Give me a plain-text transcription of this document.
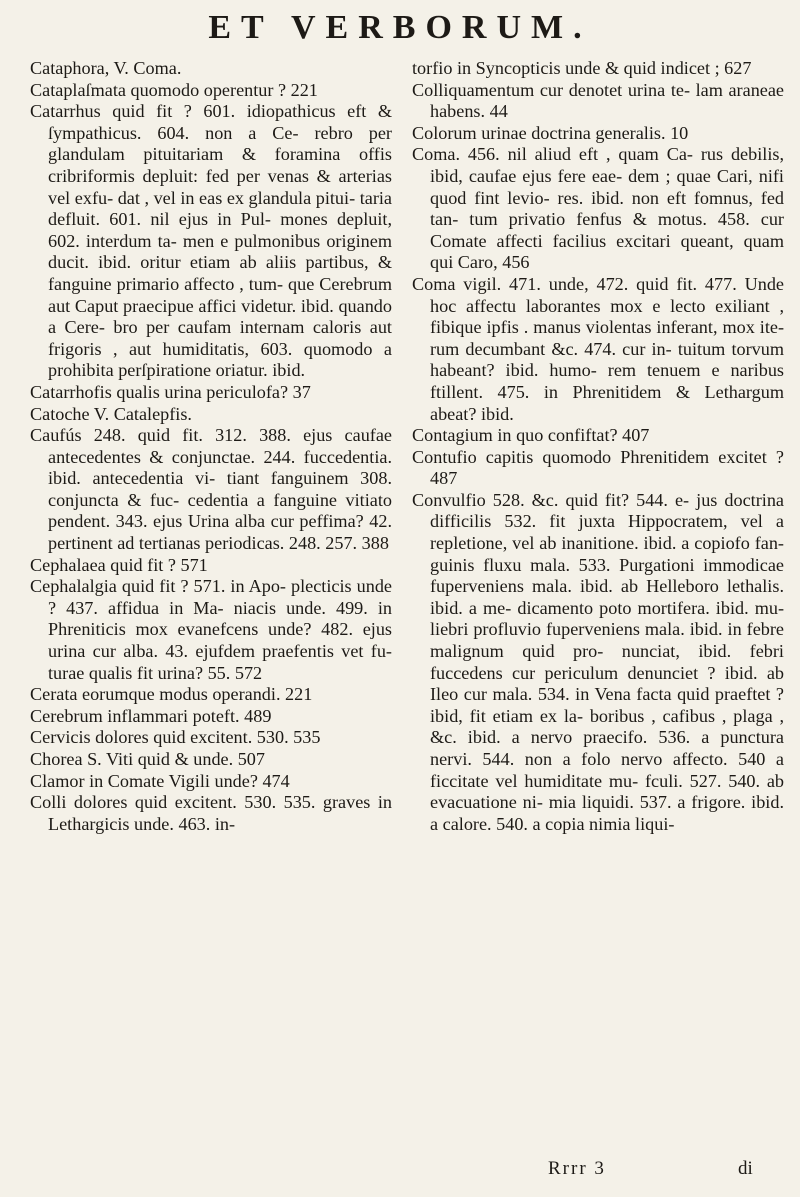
ET VERBORUM.

Cataphora, V. Coma.

Cataplaſmata quomodo operentur ? 221

Catarrhus quid fit ? 601. idiopathicus eft & ſympathicus. 604. non a Ce- rebro per glandulam pituitariam & foramina offis cribriformis depluit: fed per venas & arterias vel exfu- dat , vel in eas ex glandula pitui- taria defluit. 601. nil ejus in Pul- mones depluit, 602. interdum ta- men e pulmonibus originem ducit. ibid. oritur etiam ab aliis partibus, & fanguine primario affecto , tum- que Cerebrum aut Caput praecipue affici videtur. ibid. quando a Cere- bro per caufam internam caloris aut frigoris , aut humiditatis, 603. quomodo a prohibita perſpiratione oriatur. ibid.

Catarrhofis qualis urina periculofa? 37

Catoche V. Catalepfis.

Caufús 248. quid fit. 312. 388. ejus caufae antecedentes & conjunctae. 244. fuccedentia. ibid. antecedentia vi- tiant fanguinem 308. conjuncta & fuc- cedentia a fanguine vitiato pendent. 343. ejus Urina alba cur peffima? 42. pertinent ad tertianas periodicas. 248. 257. 388

Cephalaea quid fit ? 571

Cephalalgia quid fit ? 571. in Apo- plecticis unde ? 437. affidua in Ma- niacis unde. 499. in Phreniticis mox evanefcens unde? 482. ejus urina cur alba. 43. ejufdem praefentis vet fu- turae qualis fit urina? 55. 572

Cerata eorumque modus operandi. 221

Cerebrum inflammari poteft. 489

Cervicis dolores quid excitent. 530. 535

Chorea S. Viti quid & unde. 507

Clamor in Comate Vigili unde? 474

Colli dolores quid excitent. 530. 535. graves in Lethargicis unde. 463. in-

torfio in Syncopticis unde & quid indicet ; 627

Colliquamentum cur denotet urina te- lam araneae habens. 44

Colorum urinae doctrina generalis. 10

Coma. 456. nil aliud eft , quam Ca- rus debilis, ibid, caufae ejus fere eae- dem ; quae Cari, nifi quod fint levio- res. ibid. non eft fomnus, fed tan- tum privatio fenfus & motus. 458. cur Comate affecti facilius excitari queant, quam qui Caro, 456

Coma vigil. 471. unde, 472. quid fit. 477. Unde hoc affectu laborantes mox e lecto exiliant , fibique ipfis . manus violentas inferant, mox ite- rum decumbant &c. 474. cur in- tuitum torvum habeant? ibid. humo- rem tenuem e naribus ftillent. 475. in Phrenitidem & Lethargum abeat? ibid.

Contagium in quo confiftat? 407

Contufio capitis quomodo Phrenitidem excitet ? 487

Convulfio 528. &c. quid fit? 544. e- jus doctrina difficilis 532. fit juxta Hippocratem, vel a repletione, vel ab inanitione. ibid. a copiofo fan- guinis fluxu mala. 533. Purgationi immodicae fuperveniens mala. ibid. ab Helleboro lethalis. ibid. a me- dicamento poto mortifera. ibid. mu- liebri profluvio fuperveniens mala. ibid. in febre malignum quid pro- nunciat, ibid. febri fuccedens cur periculum denunciet ? ibid. ab Ileo cur mala. 534. in Vena facta quid praeftet ? ibid, fit etiam ex la- boribus , cafibus , plaga , &c. ibid. a nervo praecifo. 536. a punctura nervi. 544. non a folo nervo affecto. 540 a ficcitate vel humiditate mu- fculi. 527. 540. ab evacuatione ni- mia liquidi. 537. a frigore. ibid. a calore. 540. a copia nimia liqui-

Rrrr 3	di
